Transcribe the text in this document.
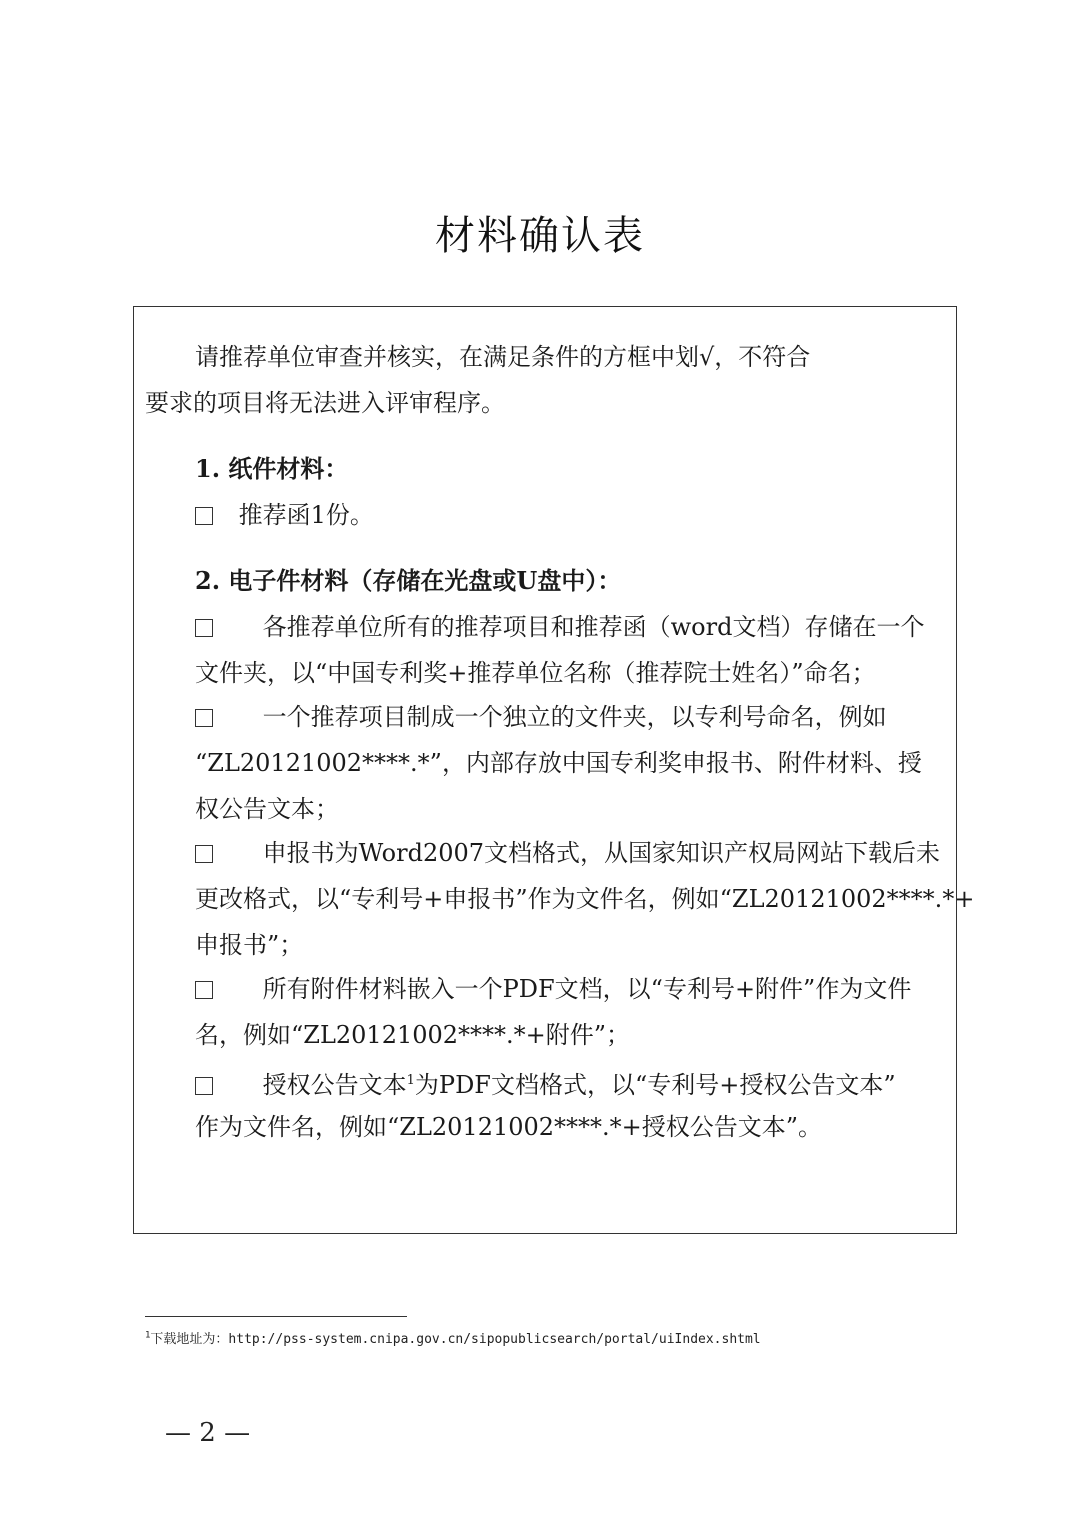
材料确认表
请推荐单位审查并核实，在满足条件的方框中划√，不符合
要求的项目将无法进入评审程序。
1. 纸件材料：
推荐函1份。
2. 电子件材料（存储在光盘或U盘中）：
各推荐单位所有的推荐项目和推荐函（word文档）存储在一个
文件夹，以“中国专利奖+推荐单位名称（推荐院士姓名）”命名；
一个推荐项目制成一个独立的文件夹，以专利号命名，例如
“ZL20121002****.*”，内部存放中国专利奖申报书、附件材料、授
权公告文本；
申报书为Word2007文档格式，从国家知识产权局网站下载后未
更改格式，以“专利号+申报书”作为文件名，例如“ZL20121002****.*+
申报书”；
所有附件材料嵌入一个PDF文档，以“专利号+附件”作为文件
名，例如“ZL20121002****.*+附件”；
授权公告文本$^1$为PDF文档格式，以“专利号+授权公告文本”
作为文件名，例如“ZL20121002****.*+授权公告文本”。
$^1$下载地址为：http://pss-system.cnipa.gov.cn/sipopublicsearch/portal/uiIndex.shtml
— 2 —
